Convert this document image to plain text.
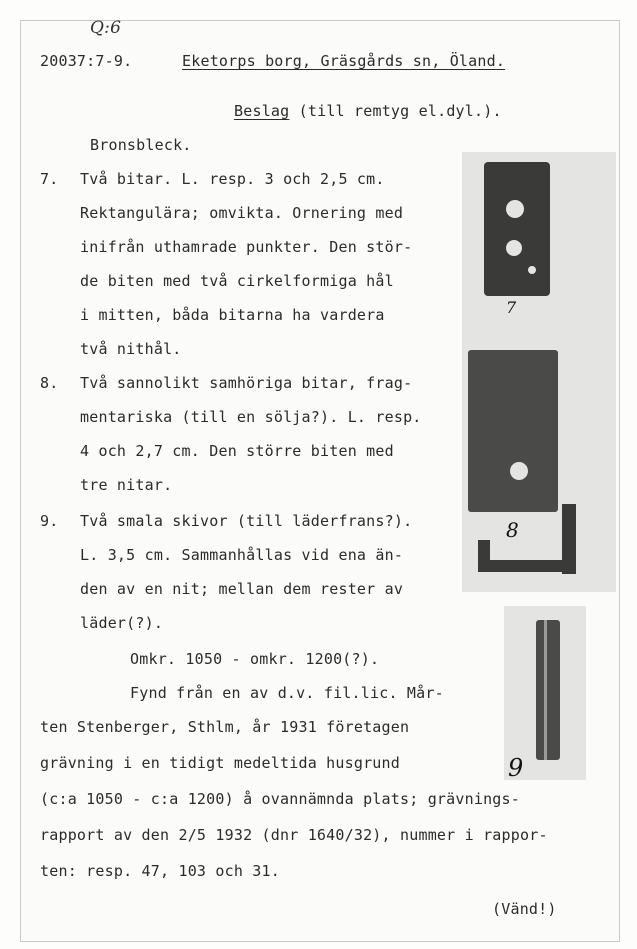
Q:6
20037:7-9.	Eketorps borg, Gräsgårds sn, Öland.
Beslag (till remtyg el.dyl.).
Bronsbleck.
7. Två bitar. L. resp. 3 och 2,5 cm.
Rektangulära; omvikta. Ornering med
inifrån uthamrade punkter. Den stör-
de biten med två cirkelformiga hål
i mitten, båda bitarna ha vardera
två nithål.
8. Två sannolikt samhöriga bitar, frag-
mentariska (till en sölja?). L. resp.
4 och 2,7 cm. Den större biten med
tre nitar.
9. Två smala skivor (till läderfrans?).
L. 3,5 cm. Sammanhållas vid ena än-
den av en nit; mellan dem rester av
läder(?).
Omkr. 1050 - omkr. 1200(?).
Fynd från en av d.v. fil.lic. Mår-
ten Stenberger, Sthlm, år 1931 företagen
grävning i en tidigt medeltida husgrund
(c:a 1050 - c:a 1200) å ovannämnda plats; grävnings-
rapport av den 2/5 1932 (dnr 1640/32), nummer i rappor-
ten: resp. 47, 103 och 31.
(Vänd!)
7
8
9
